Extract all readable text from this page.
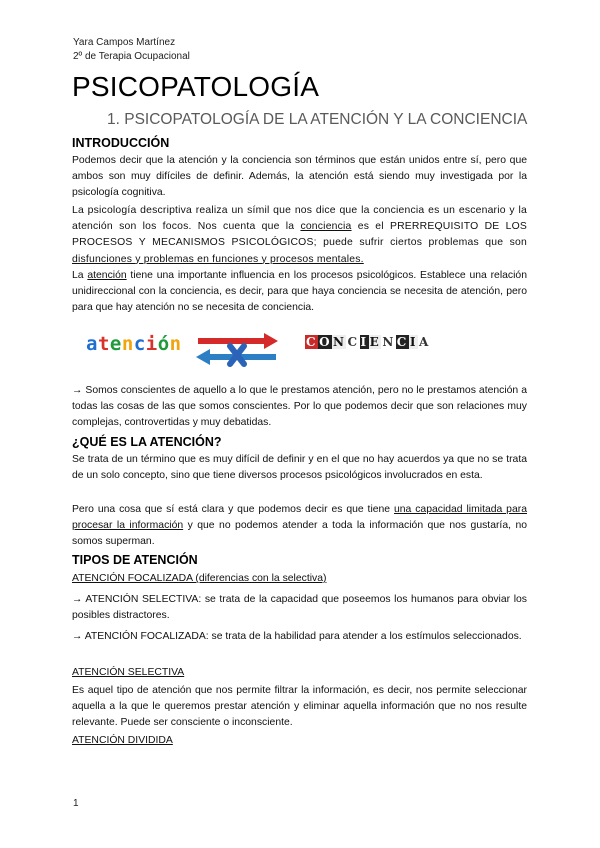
Yara Campos Martínez
2º de Terapia Ocupacional
PSICOPATOLOGÍA
1. PSICOPATOLOGÍA DE LA ATENCIÓN Y LA CONCIENCIA
INTRODUCCIÓN
Podemos decir que la atención y la conciencia son términos que están unidos entre sí, pero que ambos son muy difíciles de definir. Además, la atención está siendo muy investigada por la psicología cognitiva.
La psicología descriptiva realiza un símil que nos dice que la conciencia es un escenario y la atención son los focos. Nos cuenta que la conciencia es el PRERREQUISITO DE LOS PROCESOS Y MECANISMOS PSICOLÓGICOS; puede sufrir ciertos problemas que son disfunciones y problemas en funciones y procesos mentales.
La atención tiene una importante influencia en los procesos psicológicos. Establece una relación unidireccional con la conciencia, es decir, para que haya conciencia se necesita de atención, pero para que hay atención no se necesita de conciencia.
atención	C O N C I E N C I A
→ Somos conscientes de aquello a lo que le prestamos atención, pero no le prestamos atención a todas las cosas de las que somos conscientes. Por lo que podemos decir que son relaciones muy complejas, controvertidas y muy debatidas.
¿QUÉ ES LA ATENCIÓN?
Se trata de un término que es muy difícil de definir y en el que no hay acuerdos ya que no se trata de un solo concepto, sino que tiene diversos procesos psicológicos involucrados en esta.
Pero una cosa que sí está clara y que podemos decir es que tiene una capacidad limitada para procesar la información y que no podemos atender a toda la información que nos gustaría, no somos superman.
TIPOS DE ATENCIÓN
ATENCIÓN FOCALIZADA (diferencias con la selectiva)
→ ATENCIÓN SELECTIVA: se trata de la capacidad que poseemos los humanos para obviar los posibles distractores.
→ ATENCIÓN FOCALIZADA: se trata de la habilidad para atender a los estímulos seleccionados.
ATENCIÓN SELECTIVA
Es aquel tipo de atención que nos permite filtrar la información, es decir, nos permite seleccionar aquella a la que le queremos prestar atención y eliminar aquella información que no nos resulte relevante. Puede ser consciente o inconsciente.
ATENCIÓN DIVIDIDA
1
